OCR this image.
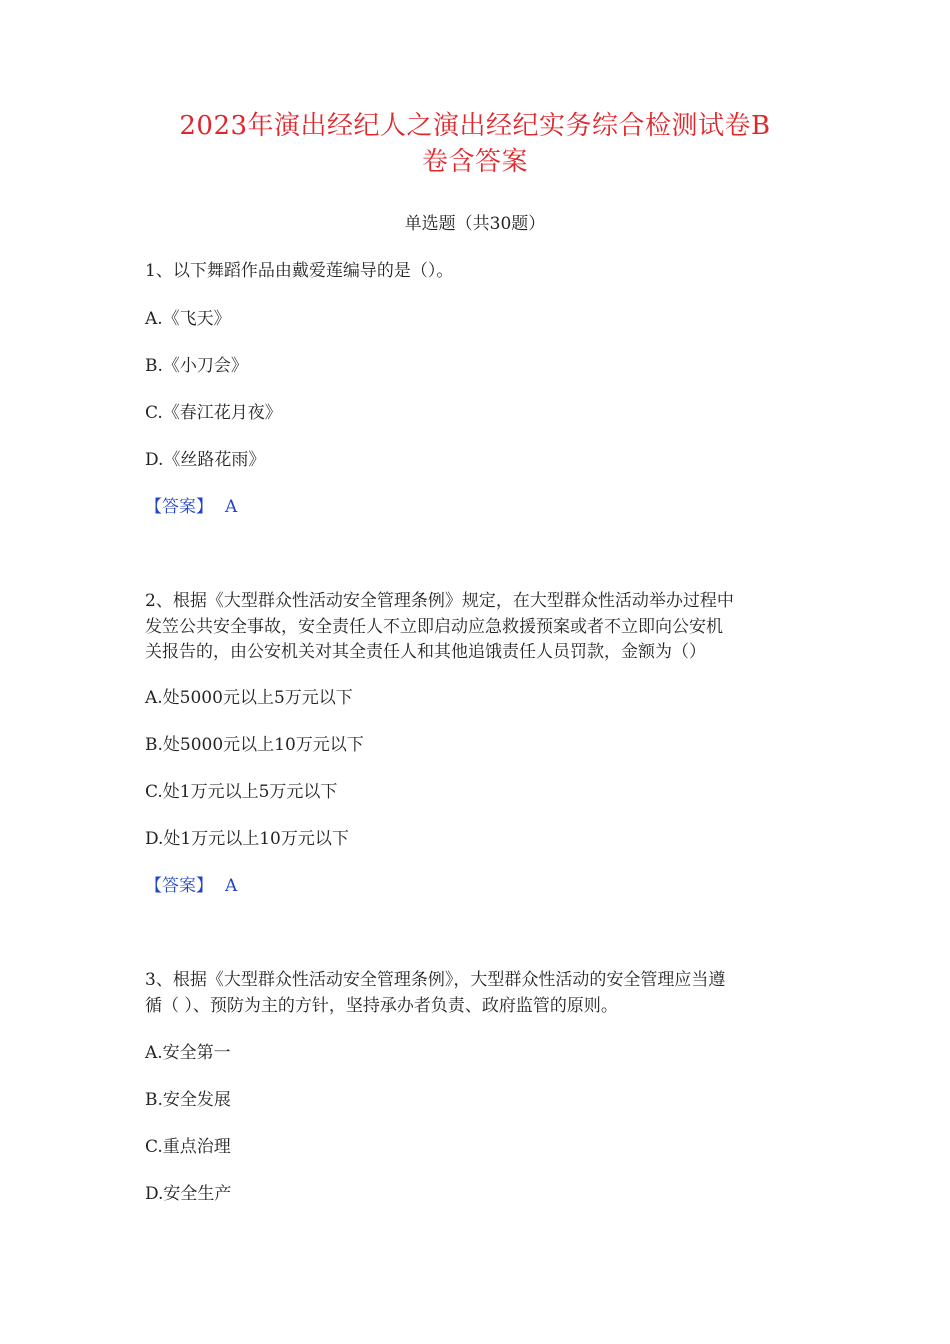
2023年演出经纪人之演出经纪实务综合检测试卷B
卷含答案
单选题（共30题）
1、以下舞蹈作品由戴爱莲编导的是（）。
A.《飞天》
B.《小刀会》
C.《春江花月夜》
D.《丝路花雨》
【答案】 A
2、根据《大型群众性活动安全管理条例》规定，在大型群众性活动举办过程中
发笠公共安全事故，安全责任人不立即启动应急救援预案或者不立即向公安机
关报告的，由公安机关对其全责任人和其他追饿责任人员罚款，金额为（）
A.处5000元以上5万元以下
B.处5000元以上10万元以下
C.处1万元以上5万元以下
D.处1万元以上10万元以下
【答案】 A
3、根据《大型群众性活动安全管理条例》，大型群众性活动的安全管理应当遵
循（ ）、预防为主的方针，坚持承办者负责、政府监管的原则。
A.安全第一
B.安全发展
C.重点治理
D.安全生产
